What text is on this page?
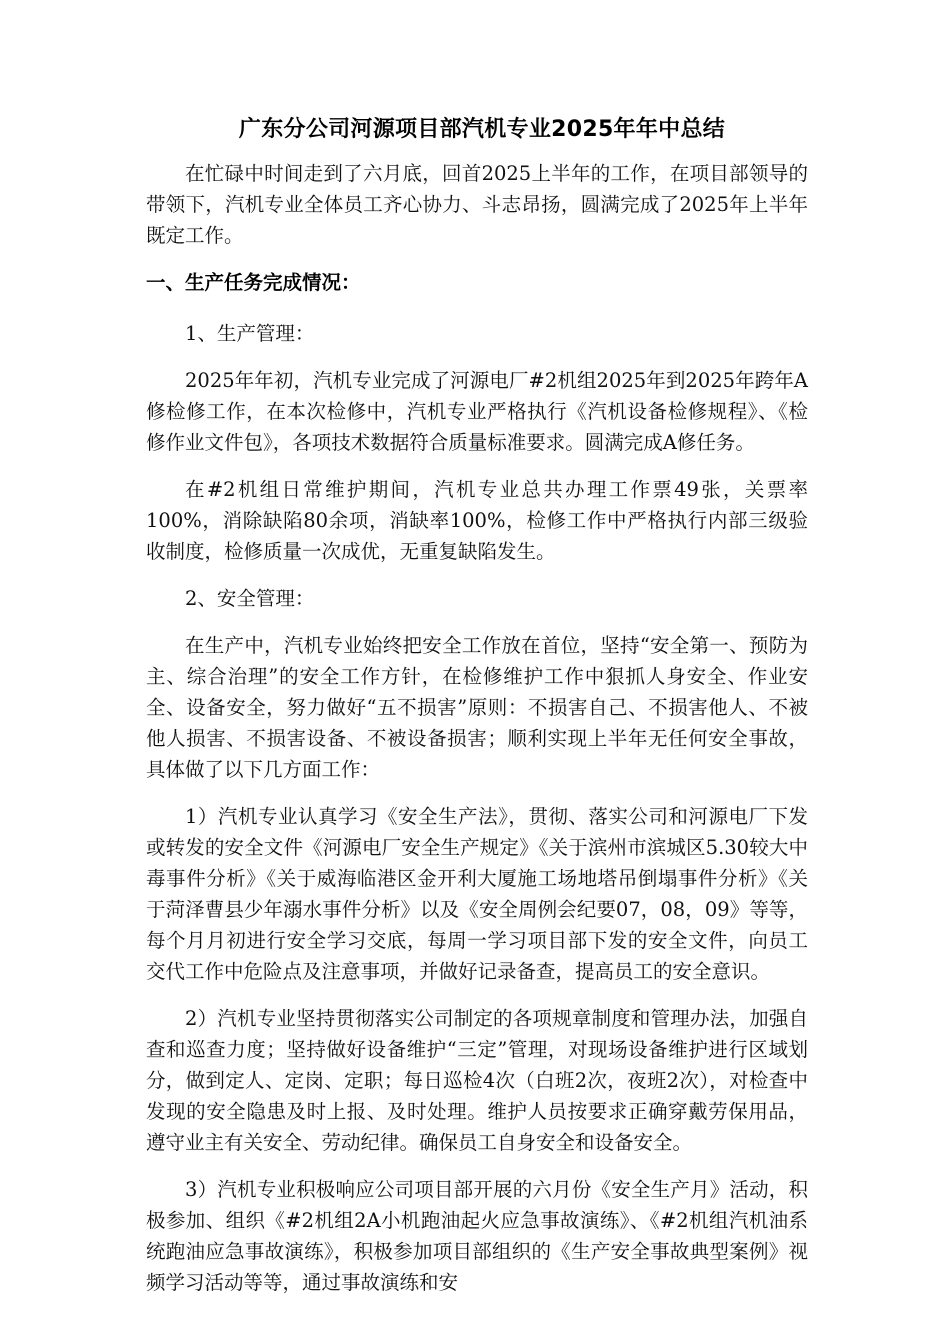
广东分公司河源项目部汽机专业2025年年中总结

在忙碌中时间走到了六月底，回首2025上半年的工作，在项目部领导的带领下，汽机专业全体员工齐心协力、斗志昂扬，圆满完成了2025年上半年既定工作。

一、生产任务完成情况：

1、生产管理：

2025年年初，汽机专业完成了河源电厂#2机组2025年到2025年跨年A修检修工作，在本次检修中，汽机专业严格执行《汽机设备检修规程》、《检修作业文件包》，各项技术数据符合质量标准要求。圆满完成A修任务。

在#2机组日常维护期间，汽机专业总共办理工作票49张，关票率100%，消除缺陷80余项，消缺率100%，检修工作中严格执行内部三级验收制度，检修质量一次成优，无重复缺陷发生。

2、安全管理：

在生产中，汽机专业始终把安全工作放在首位，坚持“安全第一、预防为主、综合治理”的安全工作方针，在检修维护工作中狠抓人身安全、作业安全、设备安全，努力做好“五不损害”原则：不损害自己、不损害他人、不被他人损害、不损害设备、不被设备损害；顺利实现上半年无任何安全事故，具体做了以下几方面工作：

1）汽机专业认真学习《安全生产法》，贯彻、落实公司和河源电厂下发或转发的安全文件《河源电厂安全生产规定》《关于滨州市滨城区5.30较大中毒事件分析》《关于威海临港区金开利大厦施工场地塔吊倒塌事件分析》《关于菏泽曹县少年溺水事件分析》以及《安全周例会纪要07，08，09》等等，每个月月初进行安全学习交底，每周一学习项目部下发的安全文件，向员工交代工作中危险点及注意事项，并做好记录备查，提高员工的安全意识。

2）汽机专业坚持贯彻落实公司制定的各项规章制度和管理办法，加强自查和巡查力度；坚持做好设备维护“三定”管理，对现场设备维护进行区域划分，做到定人、定岗、定职；每日巡检4次（白班2次，夜班2次），对检查中发现的安全隐患及时上报、及时处理。维护人员按要求正确穿戴劳保用品，遵守业主有关安全、劳动纪律。确保员工自身安全和设备安全。

3）汽机专业积极响应公司项目部开展的六月份《安全生产月》活动，积极参加、组织《#2机组2A小机跑油起火应急事故演练》、《#2机组汽机油系统跑油应急事故演练》，积极参加项目部组织的《生产安全事故典型案例》视频学习活动等等，通过事故演练和安
